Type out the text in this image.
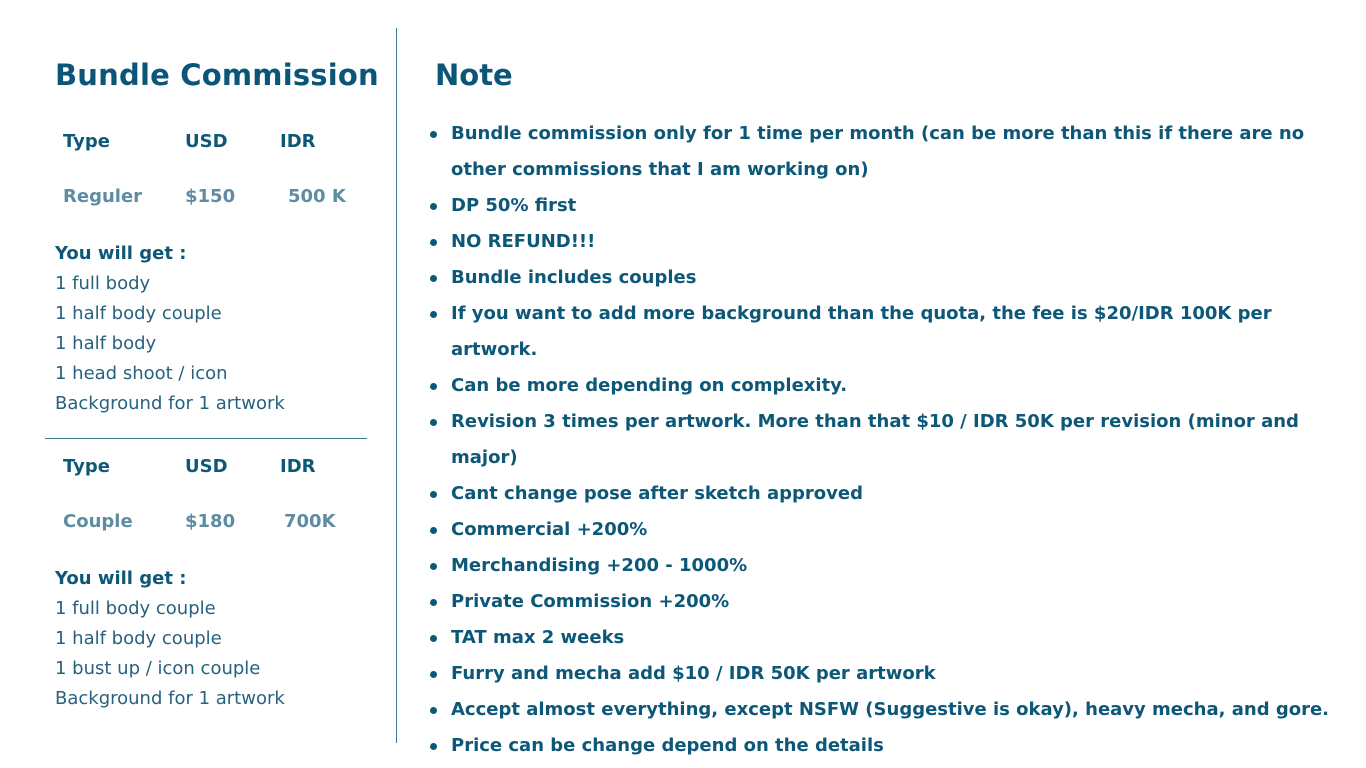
Bundle Commission
Type	USD	IDR
Reguler $150	500 K
You will get :
1 full body
1 half body couple
1 half body
1 head shoot / icon
Background for 1 artwork
Type	USD	IDR
Couple	$180	700K
You will get :
1 full body couple
1 half body couple
1 bust up / icon couple
Background for 1 artwork
Note
Bundle commission only for 1 time per month (can be more than this if there are no other commissions that I am working on)
DP 50% first
NO REFUND!!!
Bundle includes couples
If you want to add more background than the quota, the fee is $20/IDR 100K per artwork.
Can be more depending on complexity.
Revision 3 times per artwork. More than that $10 / IDR 50K per revision (minor and major)
Cant change pose after sketch approved
Commercial +200%
Merchandising +200 - 1000%
Private Commission +200%
TAT max 2 weeks
Furry and mecha add $10 / IDR 50K per artwork
Accept almost everything, except NSFW (Suggestive is okay), heavy mecha, and gore.
Price can be change depend on the details
